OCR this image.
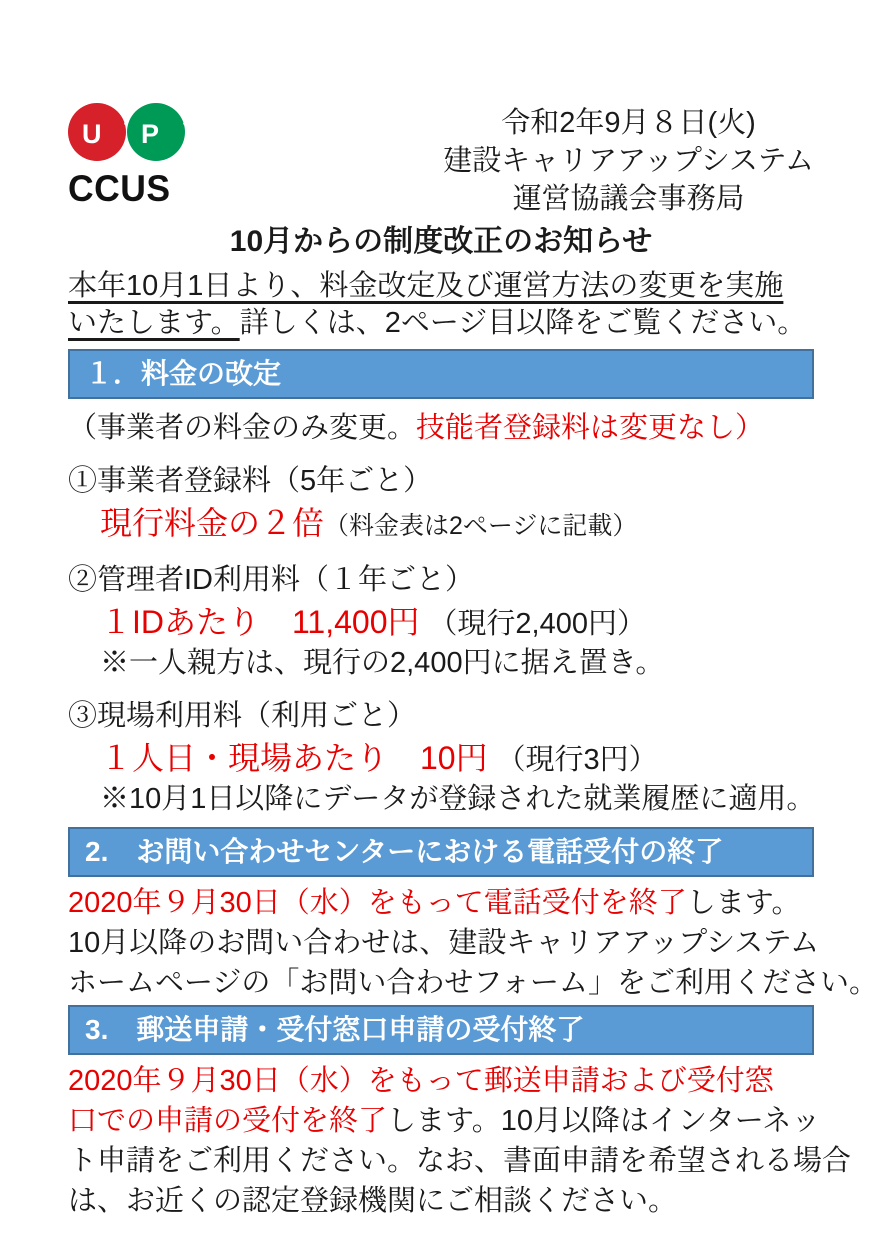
U P
CCUS
令和2年9月８日(火)
建設キャリアアップシステム
運営協議会事務局
10月からの制度改正のお知らせ
本年10月1日より、料金改定及び運営方法の変更を実施
いたします。詳しくは、2ページ目以降をご覧ください。
１．料金の改定
（事業者の料金のみ変更。技能者登録料は変更なし）
①事業者登録料（5年ごと）
現行料金の２倍（料金表は2ページに記載）
②管理者ID利用料（１年ごと）
１IDあたり　11,400円 （現行2,400円）
※一人親方は、現行の2,400円に据え置き。
③現場利用料（利用ごと）
１人日・現場あたり　10円 （現行3円）
※10月1日以降にデータが登録された就業履歴に適用。
2.　お問い合わせセンターにおける電話受付の終了
2020年９月30日（水）をもって電話受付を終了します。
10月以降のお問い合わせは、建設キャリアアップシステム
ホームページの「お問い合わせフォーム」をご利用ください。
3.　郵送申請・受付窓口申請の受付終了
2020年９月30日（水）をもって郵送申請および受付窓
口での申請の受付を終了します。10月以降はインターネッ
ト申請をご利用ください。なお、書面申請を希望される場合
は、お近くの認定登録機関にご相談ください。
